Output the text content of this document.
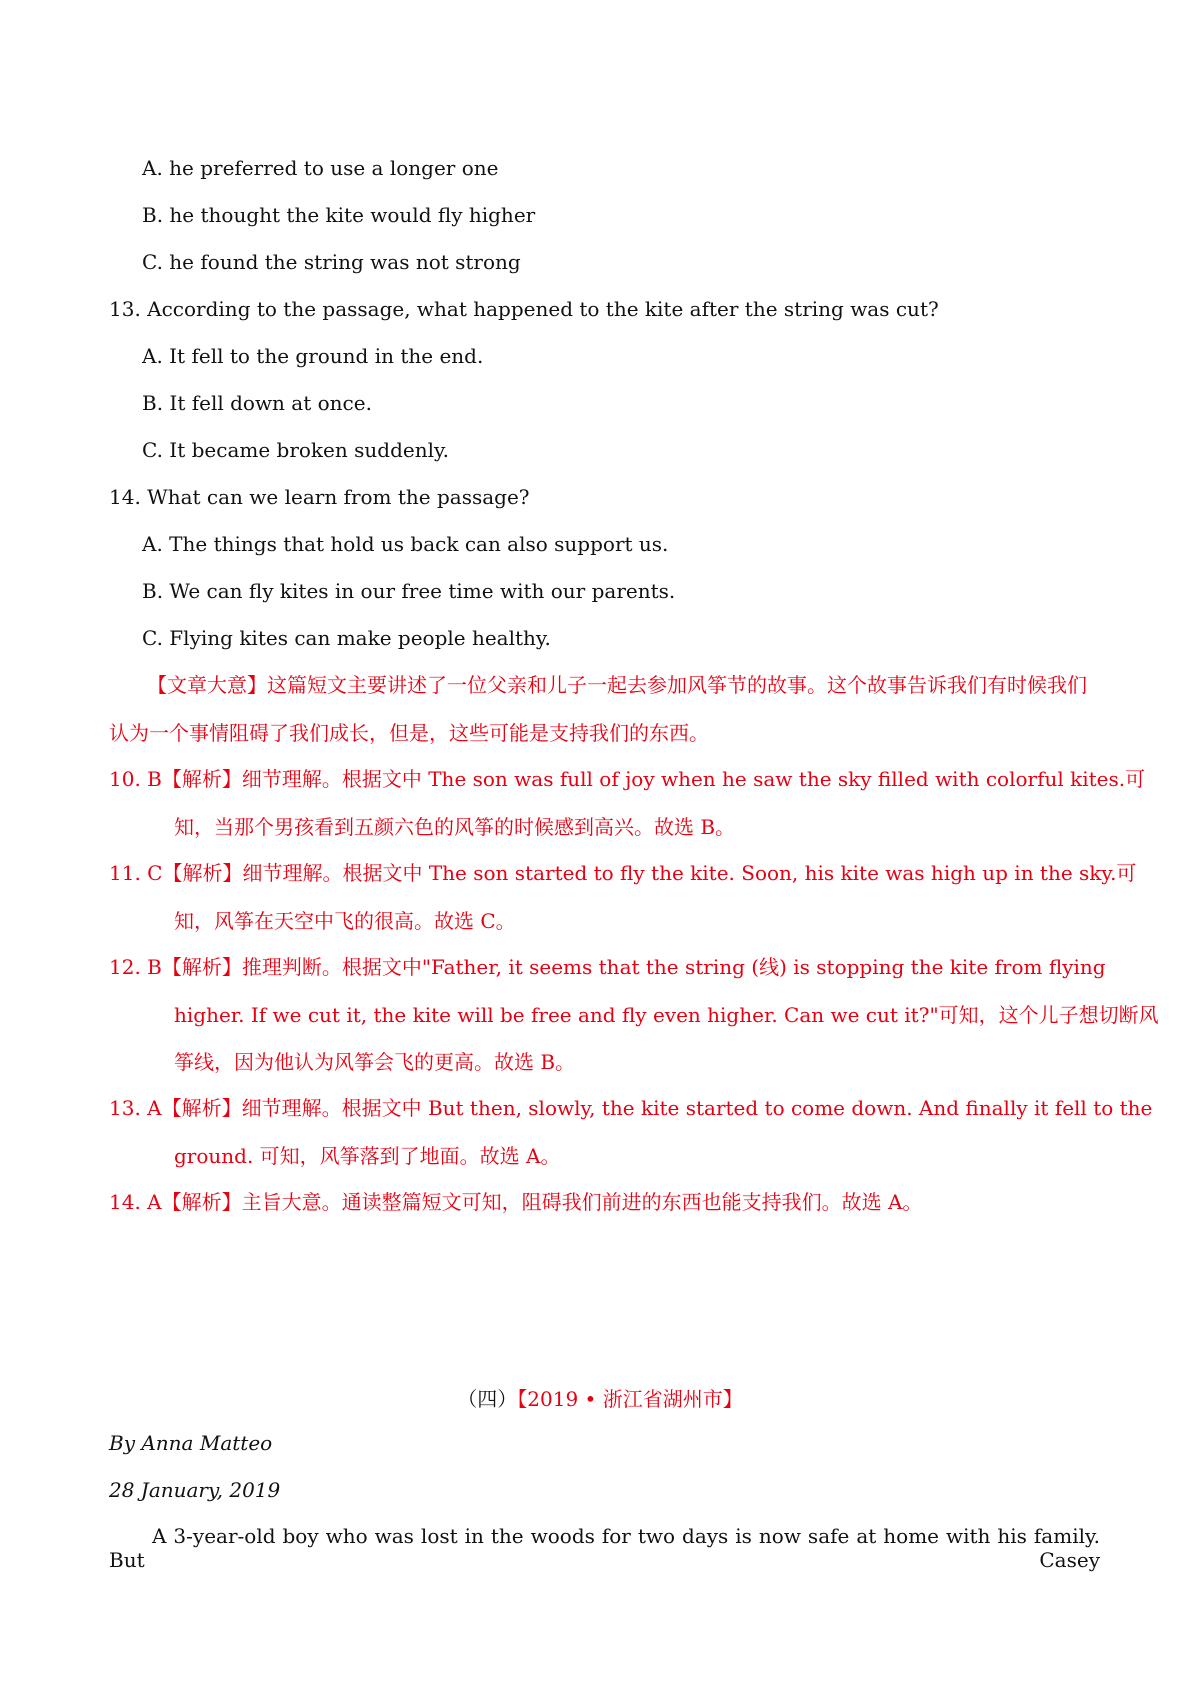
A. he preferred to use a longer one
B. he thought the kite would fly higher
C. he found the string was not strong
13. According to the passage, what happened to the kite after the string was cut?
A. It fell to the ground in the end.
B. It fell down at once.
C. It became broken suddenly.
14. What can we learn from the passage?
A. The things that hold us back can also support us.
B. We can fly kites in our free time with our parents.
C. Flying kites can make people healthy.
【文章大意】这篇短文主要讲述了一位父亲和儿子一起去参加风筝节的故事。这个故事告诉我们有时候我们认为一个事情阻碍了我们成长，但是，这些可能是支持我们的东西。
10. B【解析】细节理解。根据文中 The son was full of joy when he saw the sky filled with colorful kites.可知，当那个男孩看到五颜六色的风筝的时候感到高兴。故选 B。
11. C【解析】细节理解。根据文中 The son started to fly the kite. Soon, his kite was high up in the sky.可知，风筝在天空中飞的很高。故选 C。
12. B【解析】推理判断。根据文中"Father, it seems that the string (线) is stopping the kite from flying higher. If we cut it, the kite will be free and fly even higher. Can we cut it?"可知，这个儿子想切断风筝线，因为他认为风筝会飞的更高。故选 B。
13. A【解析】细节理解。根据文中 But then, slowly, the kite started to come down. And finally it fell to the ground. 可知，风筝落到了地面。故选 A。
14. A【解析】主旨大意。通读整篇短文可知，阻碍我们前进的东西也能支持我们。故选 A。
（四）【2019 • 浙江省湖州市】
By Anna Matteo
28 January, 2019
A 3-year-old boy who was lost in the woods for two days is now safe at home with his family. But Casey
